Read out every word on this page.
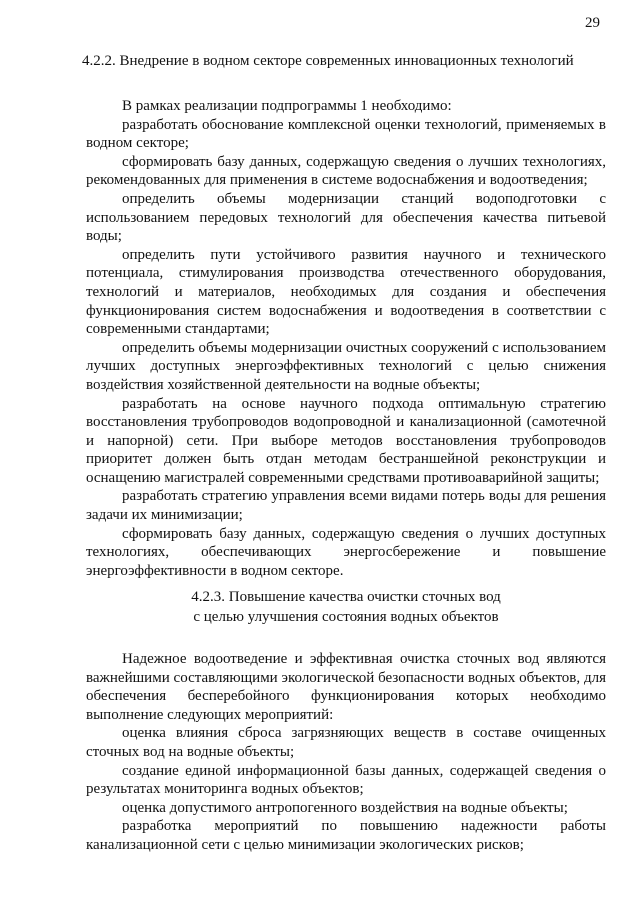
29
4.2.2. Внедрение в водном секторе современных инновационных технологий

В рамках реализации подпрограммы 1 необходимо:

разработать обоснование комплексной оценки технологий, применяемых в водном секторе;

сформировать базу данных, содержащую сведения о лучших технологиях, рекомендованных для применения в системе водоснабжения и водоотведения;

определить объемы модернизации станций водоподготовки с использованием передовых технологий для обеспечения качества питьевой воды;

определить пути устойчивого развития научного и технического потенциала, стимулирования производства отечественного оборудования, технологий и материалов, необходимых для создания и обеспечения функционирования систем водоснабжения и водоотведения в соответствии с современными стандартами;

определить объемы модернизации очистных сооружений с использованием лучших доступных энергоэффективных технологий с целью снижения воздействия хозяйственной деятельности на водные объекты;

разработать на основе научного подхода оптимальную стратегию восстановления трубопроводов водопроводной и канализационной (самотечной и напорной) сети. При выборе методов восстановления трубопроводов приоритет должен быть отдан методам бестраншейной реконструкции и оснащению магистралей современными средствами противоаварийной защиты;

разработать стратегию управления всеми видами потерь воды для решения задачи их минимизации;

сформировать базу данных, содержащую сведения о лучших доступных технологиях, обеспечивающих энергосбережение и повышение энергоэффективности в водном секторе.

4.2.3. Повышение качества очистки сточных вод
с целью улучшения состояния водных объектов

Надежное водоотведение и эффективная очистка сточных вод являются важнейшими составляющими экологической безопасности водных объектов, для обеспечения бесперебойного функционирования которых необходимо выполнение следующих мероприятий:

оценка влияния сброса загрязняющих веществ в составе очищенных сточных вод на водные объекты;

создание единой информационной базы данных, содержащей сведения о результатах мониторинга водных объектов;

оценка допустимого антропогенного воздействия на водные объекты;

разработка мероприятий по повышению надежности работы канализационной сети с целью минимизации экологических рисков;
